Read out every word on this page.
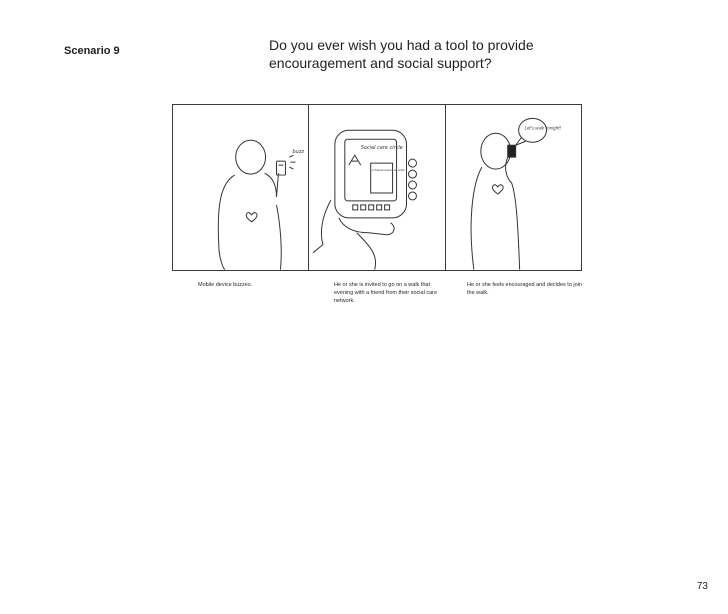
Scenario 9	Do you ever wish you had a tool to provide
encouragement and social support?
buzz
Social care circle
A friend wants to walk
Let's walk tonight!
Mobile device buzzes.	He or she is invited to go on a walk that evening with a friend from their social care network.
He or she feels encouraged and decides to join the walk.
73
